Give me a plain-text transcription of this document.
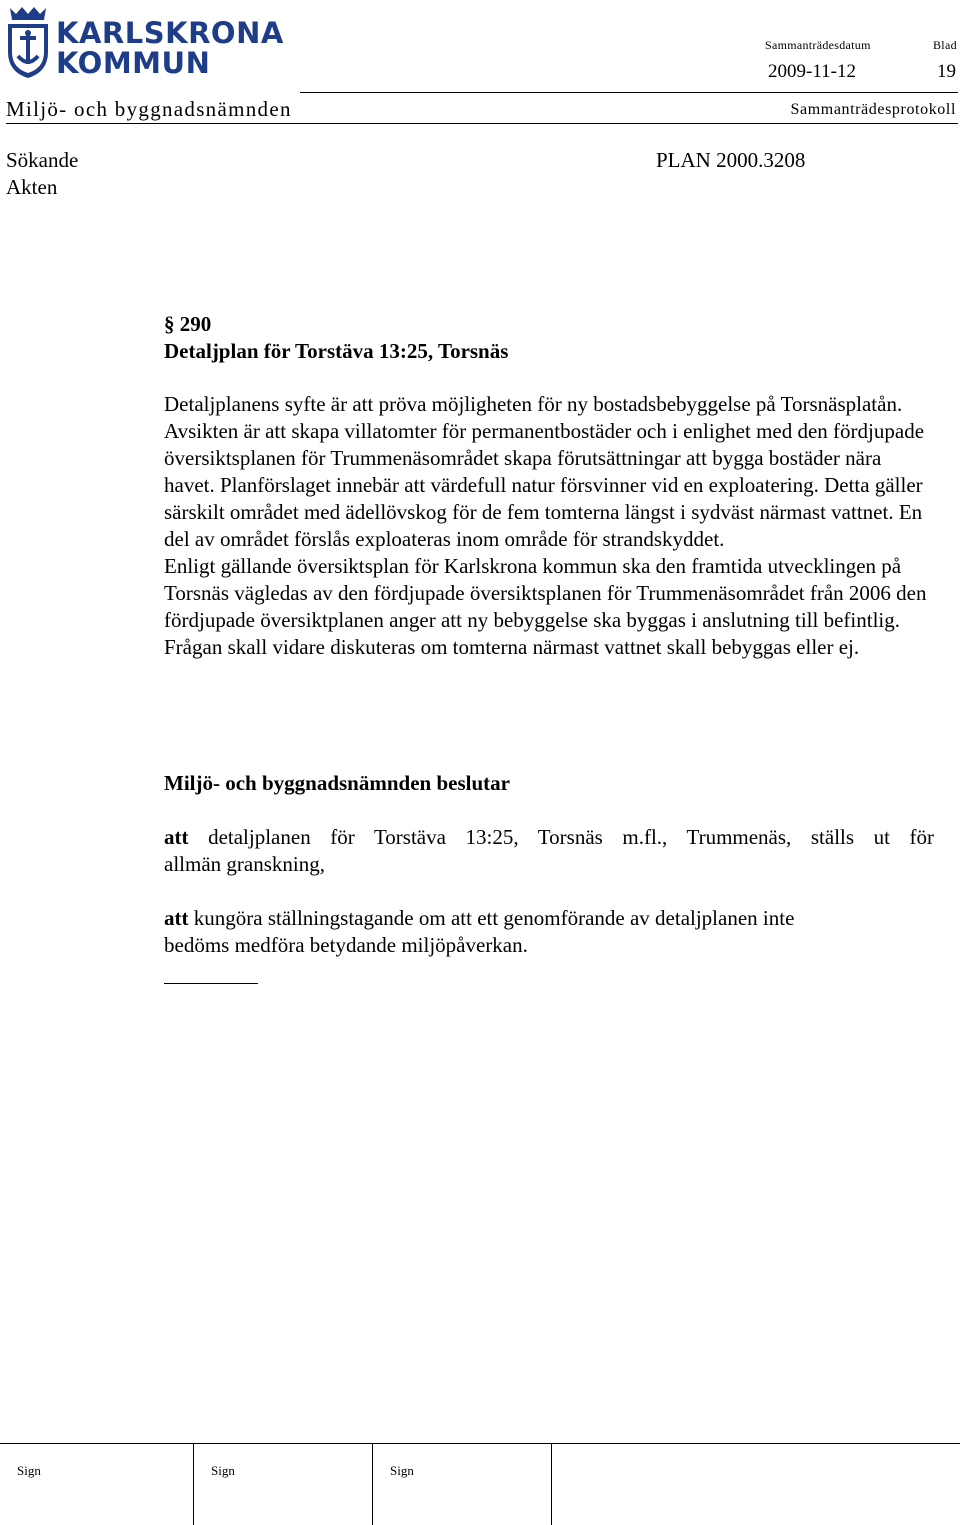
KARLSKRONA
KOMMUN
Sammanträdesdatum	Blad
2009-11-12	19
Miljö- och byggnadsnämnden	Sammanträdesprotokoll
Sökande
Akten
PLAN 2000.3208
§ 290
Detaljplan för Torstäva 13:25, Torsnäs

Detaljplanens syfte är att pröva möjligheten för ny bostadsbebyggelse på Torsnäsplatån. Avsikten är att skapa villatomter för permanentbostäder och i enlighet med den fördjupade översiktsplanen för Trummenäsområdet skapa förutsättningar att bygga bostäder nära havet. Planförslaget innebär att värdefull natur försvinner vid en exploatering. Detta gäller särskilt området med ädellövskog för de fem tomterna längst i sydväst närmast vattnet. En del av området förslås exploateras inom område för strandskyddet.

Enligt gällande översiktsplan för Karlskrona kommun ska den framtida utvecklingen på Torsnäs vägledas av den fördjupade översiktsplanen för Trummenäsområdet från 2006 den fördjupade översiktplanen anger att ny bebyggelse ska byggas i anslutning till befintlig.

Frågan skall vidare diskuteras om tomterna närmast vattnet skall bebyggas eller ej.

Miljö- och byggnadsnämnden beslutar
att detaljplanen för Torstäva 13:25, Torsnäs m.fl., Trummenäs, ställs ut för
allmän granskning,
att kungöra ställningstagande om att ett genomförande av detaljplanen inte
bedöms medföra betydande miljöpåverkan.
Sign	Sign	Sign
